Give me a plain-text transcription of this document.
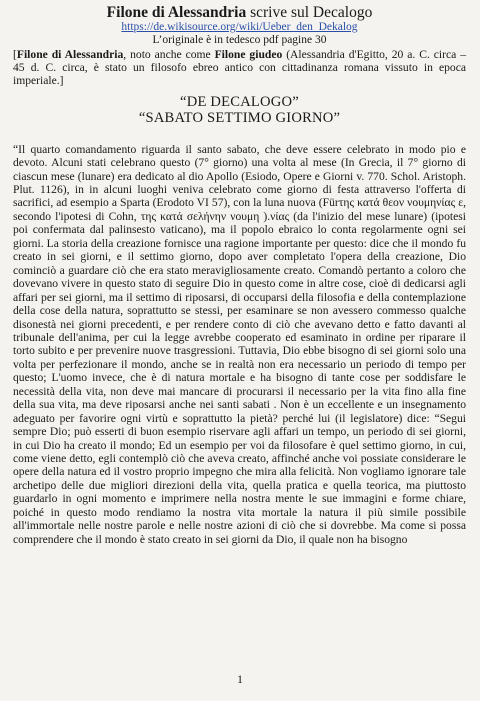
Filone di Alessandria scrive sul Decalogo
https://de.wikisource.org/wiki/Ueber_den_Dekalog
L’originale è in tedesco pdf pagine 30
[Filone di Alessandria, noto anche come Filone giudeo (Alessandria d'Egitto, 20 a. C. circa – 45 d. C. circa, è stato un filosofo ebreo antico con cittadinanza romana vissuto in epoca imperiale.]
“DE DECALOGO”
“SABATO SETTIMO GIORNO”
“Il quarto comandamento riguarda il santo sabato, che deve essere celebrato in modo pio e devoto. Alcuni stati celebrano questo (7° giorno) una volta al mese (In Grecia, il 7° giorno di ciascun mese (lunare) era dedicato al dio Apollo (Esiodo, Opere e Giorni v. 770. Schol. Aristoph. Plut. 1126), in in alcuni luoghi veniva celebrato come giorno di festa attraverso l'offerta di sacrifici, ad esempio a Sparta (Erodoto VI 57), con la luna nuova (Fürτης κατά θεον νουμηνίας ε, secondo l'ipotesi di Cohn, της κατά σελήνην νουμη ).νίας (da l'inizio del mese lunare) (ipotesi poi confermata dal palinsesto vaticano), ma il popolo ebraico lo conta regolarmente ogni sei giorni. La storia della creazione fornisce una ragione importante per questo: dice che il mondo fu creato in sei giorni, e il settimo giorno, dopo aver completato l'opera della creazione, Dio cominciò a guardare ciò che era stato meravigliosamente creato. Comandò pertanto a coloro che dovevano vivere in questo stato di seguire Dio in questo come in altre cose, cioè di dedicarsi agli affari per sei giorni, ma il settimo di riposarsi, di occuparsi della filosofia e della contemplazione della cose della natura, soprattutto se stessi, per esaminare se non avessero commesso qualche disonestà nei giorni precedenti, e per rendere conto di ciò che avevano detto e fatto davanti al tribunale dell'anima, per cui la legge avrebbe cooperato ed esaminato in ordine per riparare il torto subito e per prevenire nuove trasgressioni. Tuttavia, Dio ebbe bisogno di sei giorni solo una volta per perfezionare il mondo, anche se in realtà non era necessario un periodo di tempo per questo; L'uomo invece, che è di natura mortale e ha bisogno di tante cose per soddisfare le necessità della vita, non deve mai mancare di procurarsi il necessario per la vita fino alla fine della sua vita, ma deve riposarsi anche nei santi sabati . Non è un eccellente e un insegnamento adeguato per favorire ogni virtù e soprattutto la pietà? perché lui (il legislatore) dice: “Segui sempre Dio; può esserti di buon esempio riservare agli affari un tempo, un periodo di sei giorni, in cui Dio ha creato il mondo; Ed un esempio per voi da filosofare è quel settimo giorno, in cui, come viene detto, egli contemplò ciò che aveva creato, affinché anche voi possiate considerare le opere della natura ed il vostro proprio impegno che mira alla felicità. Non vogliamo ignorare tale archetipo delle due migliori direzioni della vita, quella pratica e quella teorica, ma piuttosto guardarlo in ogni momento e imprimere nella nostra mente le sue immagini e forme chiare, poiché in questo modo rendiamo la nostra vita mortale la natura il più simile possibile all'immortale nelle nostre parole e nelle nostre azioni di ciò che si dovrebbe. Ma come si possa comprendere che il mondo è stato creato in sei giorni da Dio, il quale non ha bisogno
1
